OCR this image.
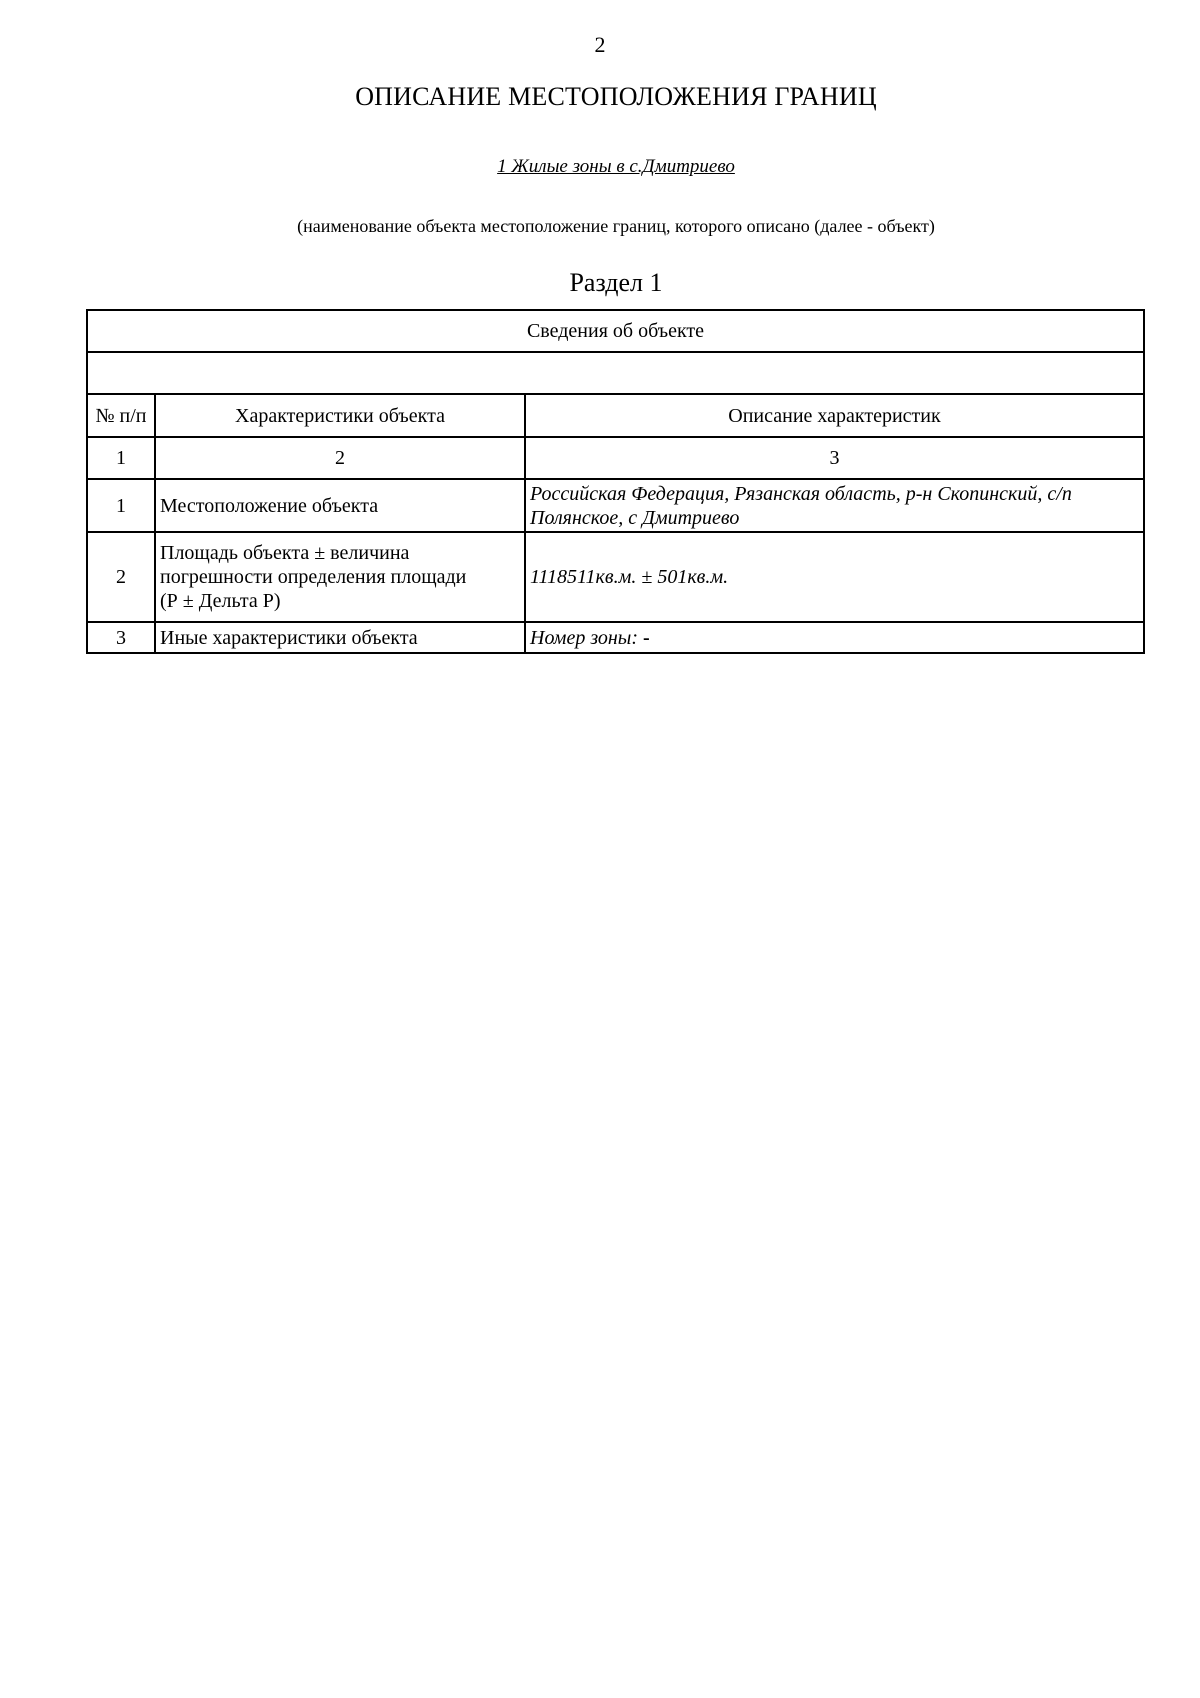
2
ОПИСАНИЕ МЕСТОПОЛОЖЕНИЯ ГРАНИЦ
1 Жилые зоны в с.Дмитриево
(наименование объекта местоположение границ, которого описано (далее - объект)
Раздел 1
Сведения об объекте		

№ п/п	Характеристики объекта	Описание характеристик
1	2	3
1	Местоположение объекта	Российская Федерация, Рязанская область, р-н Скопинский, с/п
Полянское, с Дмитриево

2	Площадь объекта ± величина
погрешности определения площади
(Р ± Дельта Р)	1118511кв.м. ± 501кв.м.
3	Иные характеристики объекта	Номер зоны: -
